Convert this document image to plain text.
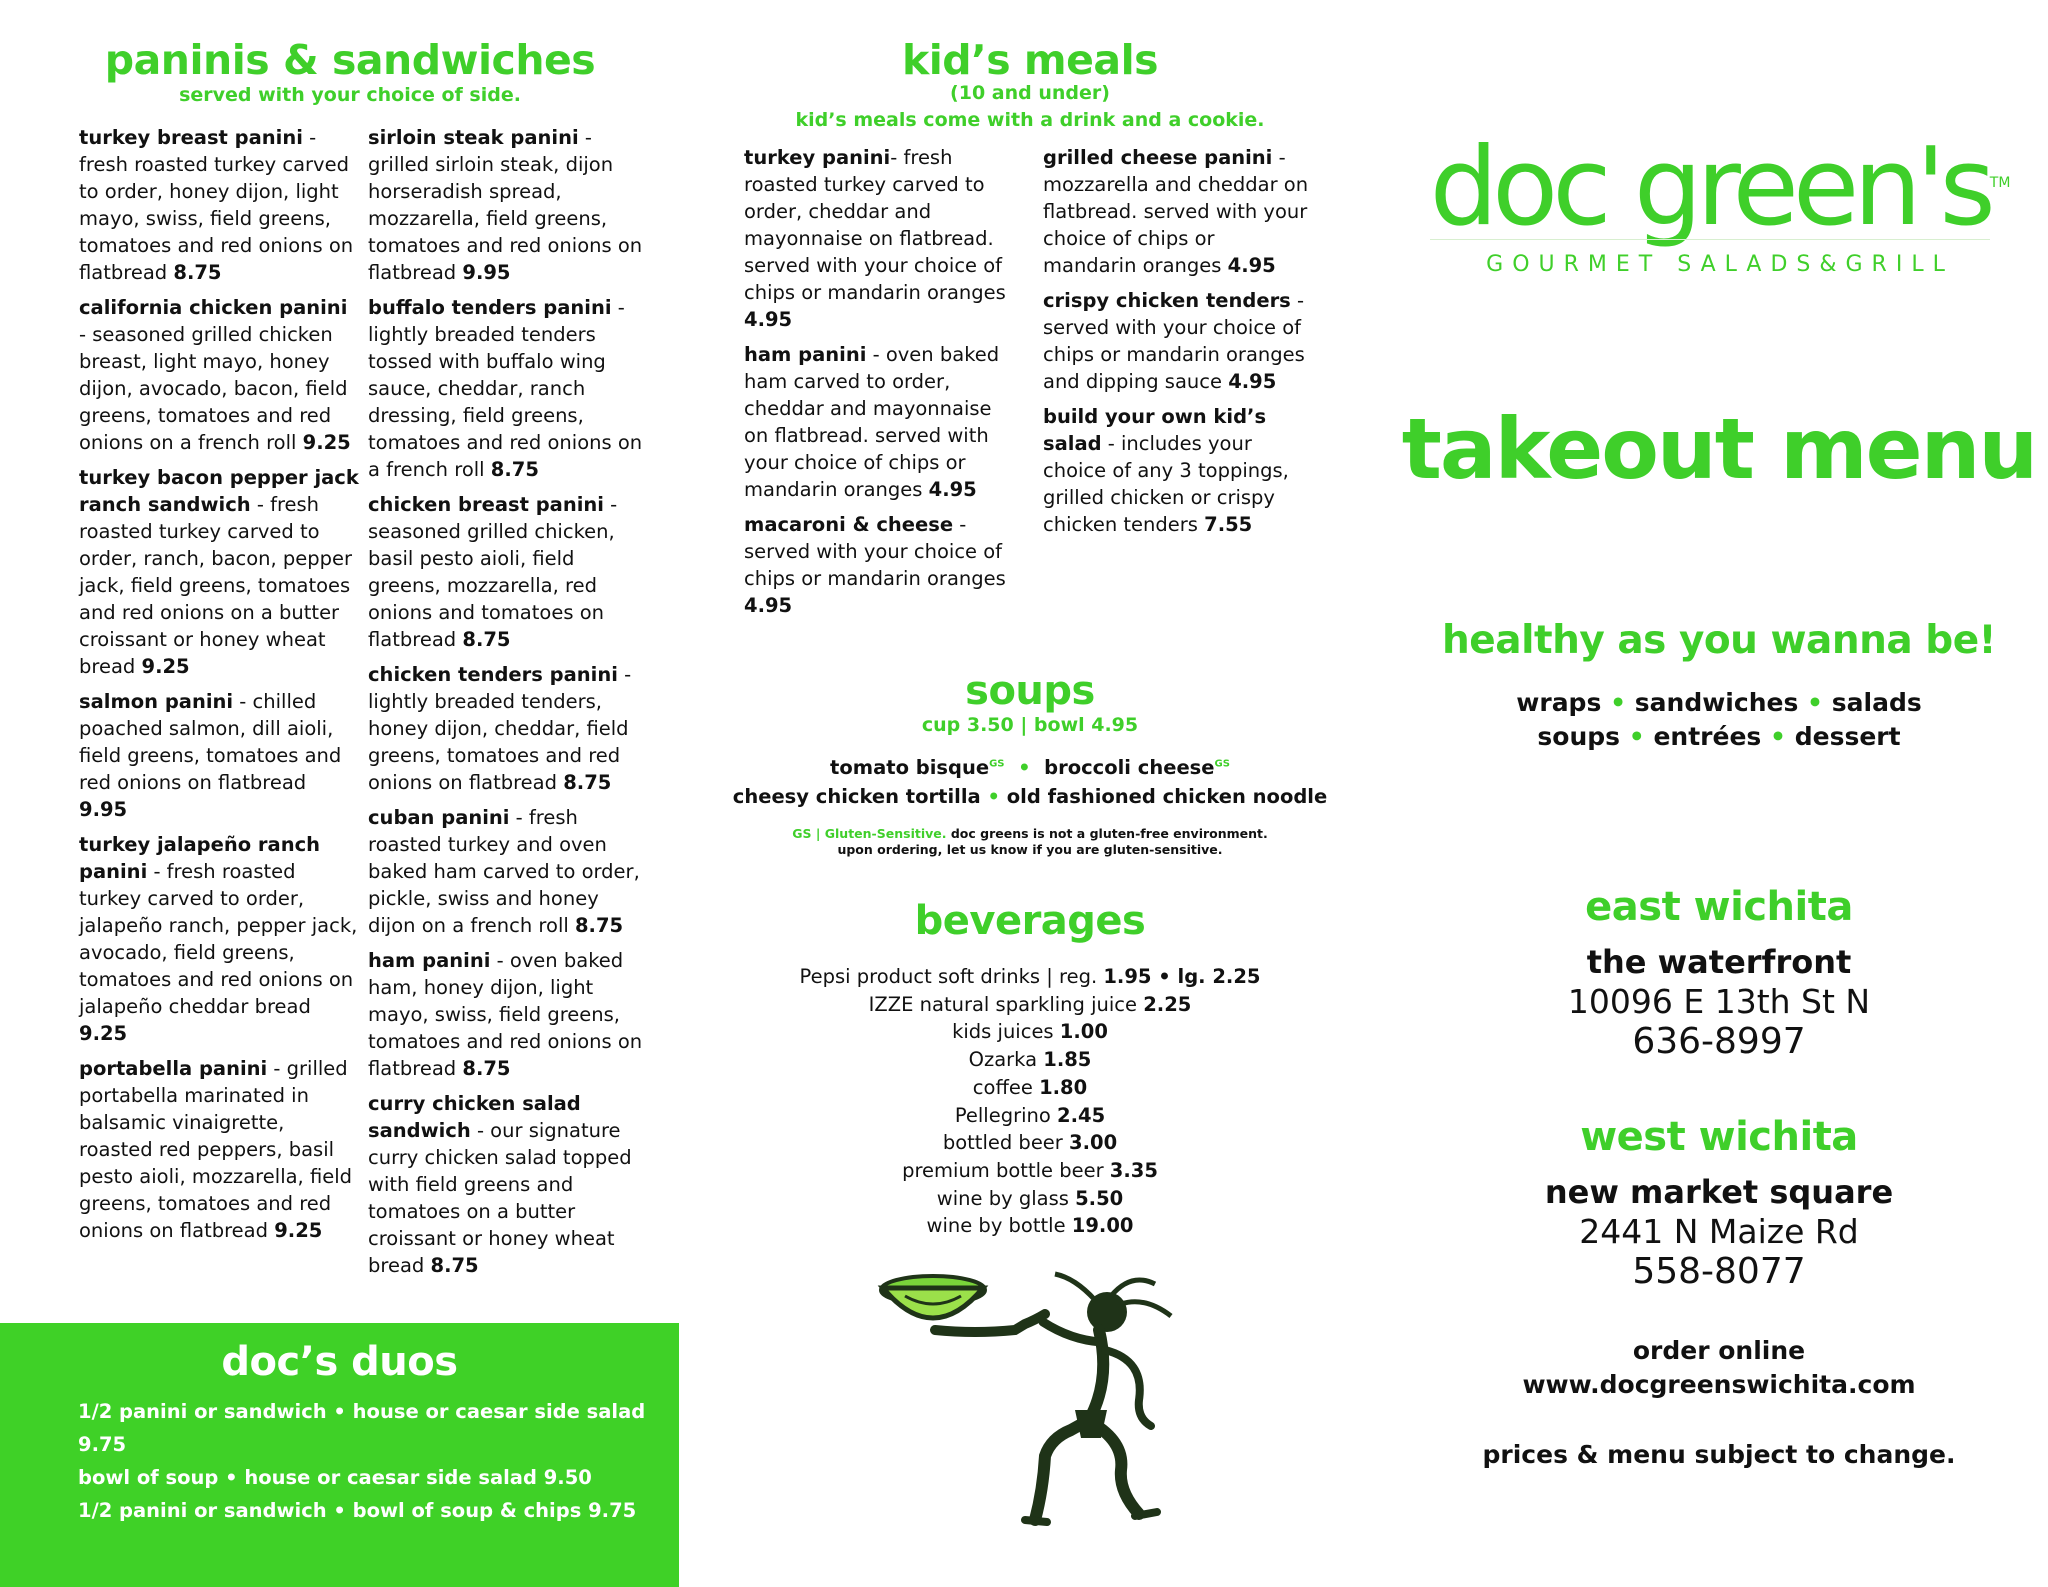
paninis & sandwiches
served with your choice of side.
turkey breast panini - fresh roasted turkey carved to order, honey dijon, light mayo, swiss, field greens, tomatoes and red onions on flatbread 8.75
california chicken panini - seasoned grilled chicken breast, light mayo, honey dijon, avocado, bacon, field greens, tomatoes and red onions on a french roll 9.25
turkey bacon pepper jack ranch sandwich - fresh roasted turkey carved to order, ranch, bacon, pepper jack, field greens, tomatoes and red onions on a butter croissant or honey wheat bread 9.25
salmon panini - chilled poached salmon, dill aioli, field greens, tomatoes and red onions on flatbread 9.95
turkey jalapeño ranch panini - fresh roasted turkey carved to order, jalapeño ranch, pepper jack, avocado, field greens, tomatoes and red onions on jalapeño cheddar bread 9.25
portabella panini - grilled portabella marinated in balsamic vinaigrette, roasted red peppers, basil pesto aioli, mozzarella, field greens, tomatoes and red onions on flatbread 9.25
sirloin steak panini - grilled sirloin steak, dijon horseradish spread, mozzarella, field greens, tomatoes and red onions on flatbread 9.95
buffalo tenders panini - lightly breaded tenders tossed with buffalo wing sauce, cheddar, ranch dressing, field greens, tomatoes and red onions on a french roll 8.75
chicken breast panini - seasoned grilled chicken, basil pesto aioli, field greens, mozzarella, red onions and tomatoes on flatbread 8.75
chicken tenders panini - lightly breaded tenders, honey dijon, cheddar, field greens, tomatoes and red onions on flatbread 8.75
cuban panini - fresh roasted turkey and oven baked ham carved to order, pickle, swiss and honey dijon on a french roll 8.75
ham panini - oven baked ham, honey dijon, light mayo, swiss, field greens, tomatoes and red onions on flatbread 8.75
curry chicken salad sandwich - our signature curry chicken salad topped with field greens and tomatoes on a butter croissant or honey wheat bread 8.75
doc’s duos
1/2 panini or sandwich • house or caesar side salad 9.75
bowl of soup • house or caesar side salad 9.50
1/2 panini or sandwich • bowl of soup & chips 9.75
kid’s meals
(10 and under)
kid’s meals come with a drink and a cookie.
turkey panini- fresh roasted turkey carved to order, cheddar and mayonnaise on flatbread. served with your choice of chips or mandarin oranges 4.95
ham panini - oven baked ham carved to order, cheddar and mayonnaise on flatbread. served with your choice of chips or mandarin oranges 4.95
macaroni & cheese - served with your choice of chips or mandarin oranges 4.95
grilled cheese panini - mozzarella and cheddar on flatbread. served with your choice of chips or mandarin oranges 4.95
crispy chicken tenders - served with your choice of chips or mandarin oranges and dipping sauce 4.95
build your own kid’s salad - includes your choice of any 3 toppings, grilled chicken or crispy chicken tenders 7.55
soups
cup 3.50 | bowl 4.95
tomato bisque$^{GS}$  •  broccoli cheese$^{GS}$
cheesy chicken tortilla • old fashioned chicken noodle
GS | Gluten-Sensitive. doc greens is not a gluten-free environment.
upon ordering, let us know if you are gluten-sensitive.
beverages
Pepsi product soft drinks | reg. 1.95 • lg. 2.25
IZZE natural sparkling juice 2.25
kids juices 1.00
Ozarka 1.85
coffee 1.80
Pellegrino 2.45
bottled beer 3.00
premium bottle beer 3.35
wine by glass 5.50
wine by bottle 19.00
doc green's™
GOURMET SALADS&GRILL
takeout menu
healthy as you wanna be!
wraps • sandwiches • salads
soups • entrées • dessert
east wichita
the waterfront
10096 E 13th St N
636-8997
west wichita
new market square
2441 N Maize Rd
558-8077
order online
www.docgreenswichita.com
prices & menu subject to change.
